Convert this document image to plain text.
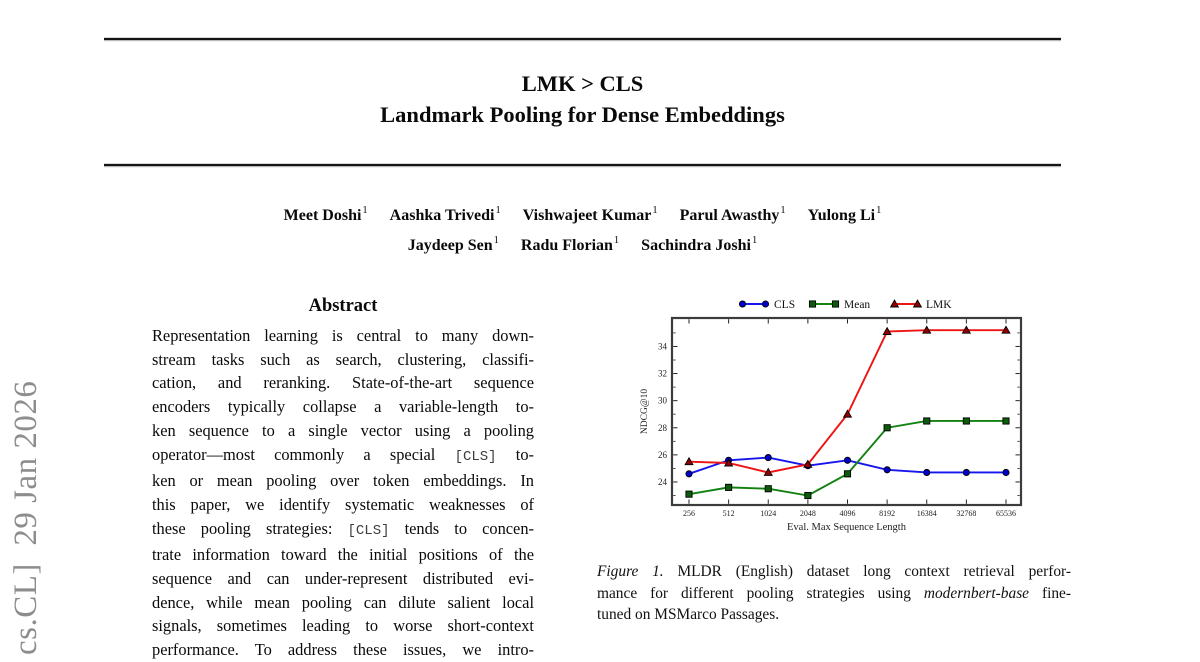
cs.CL]  29 Jan 2026
LMK > CLS
Landmark Pooling for Dense Embeddings
Meet Doshi$^1$ Aashka Trivedi$^1$ Vishwajeet Kumar$^1$ Parul Awasthy$^1$ Yulong Li$^1$
Jaydeep Sen$^1$ Radu Florian$^1$ Sachindra Joshi$^1$
Abstract
Representation learning is central to many down-
stream tasks such as search, clustering, classifi-
cation, and reranking. State-of-the-art sequence
encoders typically collapse a variable-length to-
ken sequence to a single vector using a pooling
operator—most commonly a special [CLS] to-
ken or mean pooling over token embeddings. In
this paper, we identify systematic weaknesses of
these pooling strategies: [CLS] tends to concen-
trate information toward the initial positions of the
sequence and can under-represent distributed evi-
dence, while mean pooling can dilute salient local
signals, sometimes leading to worse short-context
performance. To address these issues, we intro-
24
26
28
30
32
34
256	512	1024	2048	4096	8192	16384 32768 65536
Eval. Max Sequence Length
NDCG@10
CLS	Mean	LMK
Figure 1. MLDR (English) dataset long context retrieval perfor-
mance for different pooling strategies using modernbert-base fine-
tuned on MSMarco Passages.
